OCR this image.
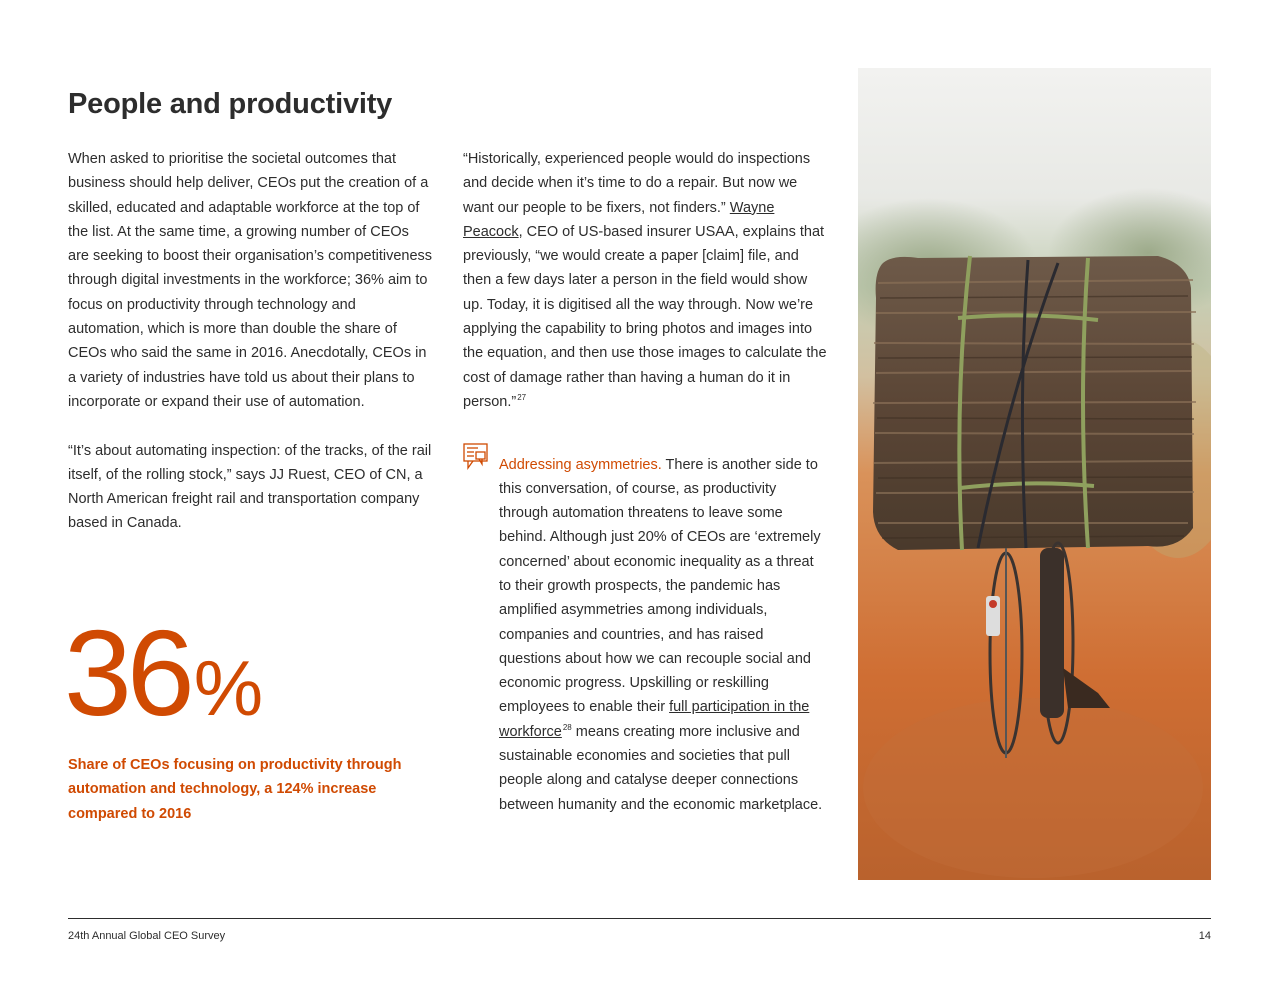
People and productivity

When asked to prioritise the societal outcomes that business should help deliver, CEOs put the creation of a skilled, educated and adaptable workforce at the top of the list. At the same time, a growing number of CEOs are seeking to boost their organisation’s competitiveness through digital investments in the workforce; 36% aim to focus on productivity through technology and automation, which is more than double the share of CEOs who said the same in 2016. Anecdotally, CEOs in a variety of industries have told us about their plans to incorporate or expand their use of automation.

“It’s about automating inspection: of the tracks, of the rail itself, of the rolling stock,” says JJ Ruest, CEO of CN, a North American freight rail and transportation company based in Canada.

“Historically, experienced people would do inspections and decide when it’s time to do a repair. But now we want our people to be fixers, not finders.” Wayne Peacock, CEO of US-based insurer USAA, explains that previously, “we would create a paper [claim] file, and then a few days later a person in the field would show up. Today, it is digitised all the way through. Now we’re applying the capability to bring photos and images into the equation, and then use those images to calculate the cost of damage rather than having a human do it in person.”$^{27}$

Addressing asymmetries. There is another side to this conversation, of course, as productivity through automation threatens to leave some behind. Although just 20% of CEOs are ‘extremely concerned’ about economic inequality as a threat to their growth prospects, the pandemic has amplified asymmetries among individuals, companies and countries, and has raised questions about how we can recouple social and economic progress. Upskilling or reskilling employees to enable their full participation in the workforce$^{28}$ means creating more inclusive and sustainable economies and societies that pull people along and catalyse deeper connections between humanity and the economic marketplace.

36%
Share of CEOs focusing on productivity through automation and technology, a 124% increase compared to 2016
24th Annual Global CEO Survey	14
